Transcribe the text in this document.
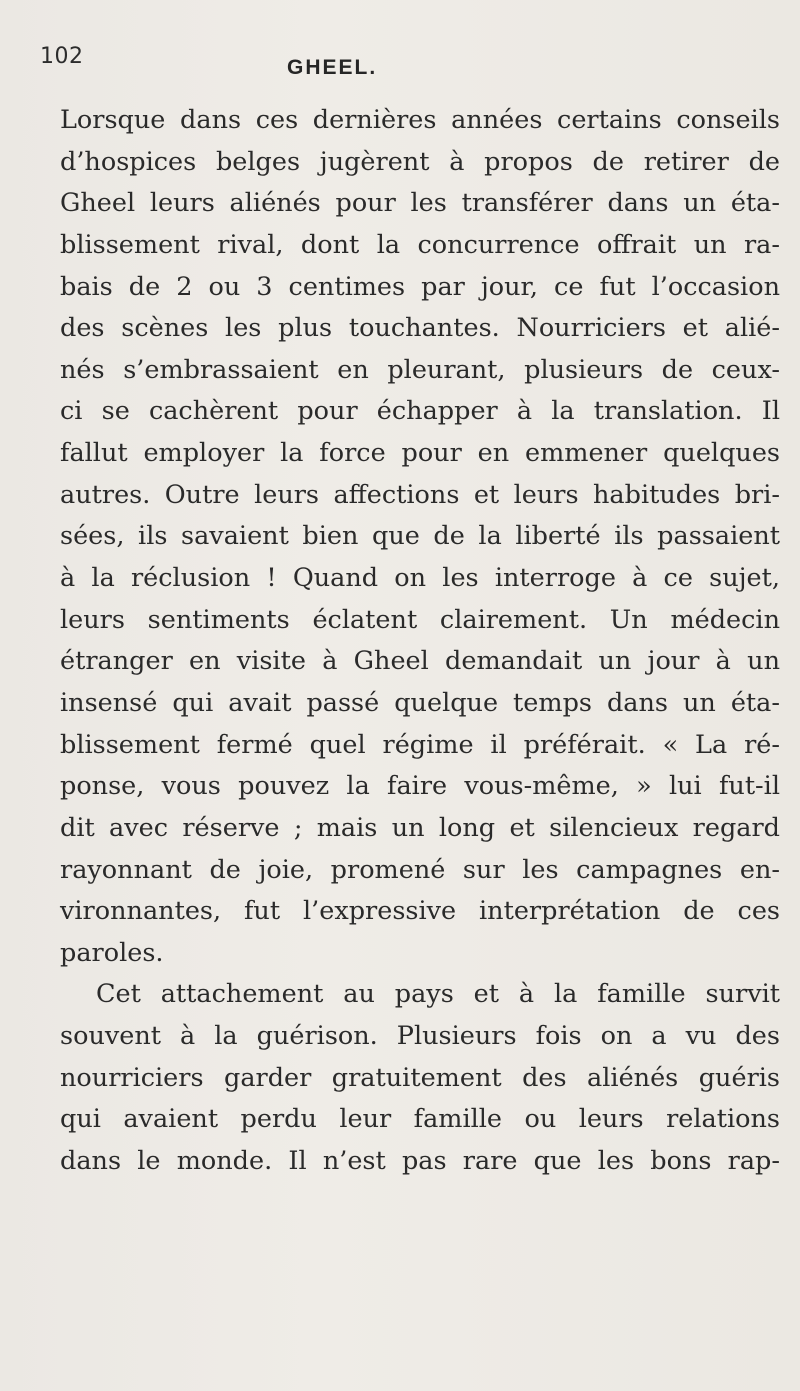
102	GHEEL.
Lorsque dans ces dernières années certains conseils
d’hospices belges jugèrent à propos de retirer de
Gheel leurs aliénés pour les transférer dans un éta-
blissement rival, dont la concurrence offrait un ra-
bais de 2 ou 3 centimes par jour, ce fut l’occasion
des scènes les plus touchantes. Nourriciers et alié-
nés s’embrassaient en pleurant, plusieurs de ceux-
ci se cachèrent pour échapper à la translation. Il
fallut employer la force pour en emmener quelques
autres. Outre leurs affections et leurs habitudes bri-
sées, ils savaient bien que de la liberté ils passaient
à la réclusion ! Quand on les interroge à ce sujet,
leurs sentiments éclatent clairement. Un médecin
étranger en visite à Gheel demandait un jour à un
insensé qui avait passé quelque temps dans un éta-
blissement fermé quel régime il préférait. « La ré-
ponse, vous pouvez la faire vous-même, » lui fut-il
dit avec réserve ; mais un long et silencieux regard
rayonnant de joie, promené sur les campagnes en-
vironnantes, fut l’expressive interprétation de ces
paroles.
Cet attachement au pays et à la famille survit
souvent à la guérison. Plusieurs fois on a vu des
nourriciers garder gratuitement des aliénés guéris
qui avaient perdu leur famille ou leurs relations
dans le monde. Il n’est pas rare que les bons rap-
